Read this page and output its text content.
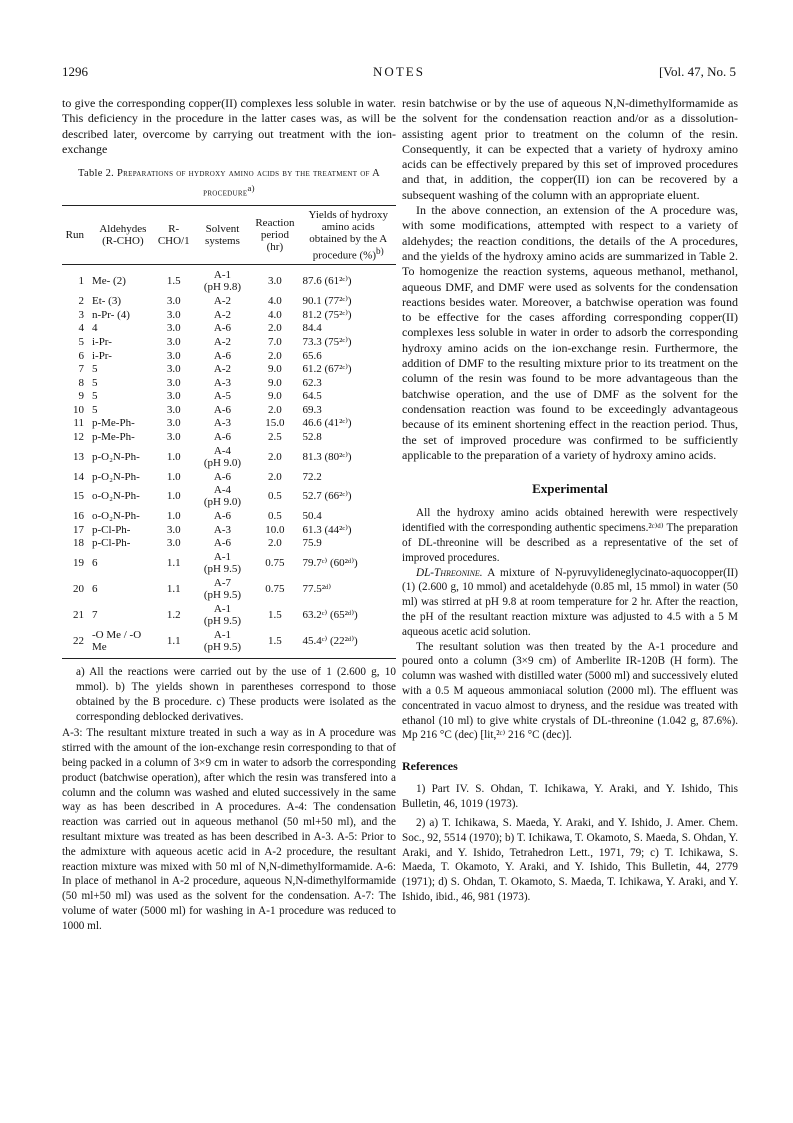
1296	NOTES	[Vol. 47, No. 5

to give the corresponding copper(II) complexes less soluble in water. This deficiency in the procedure in the latter cases was, as will be described later, overcome by carrying out treatment with the ion-exchange

Table 2. Preparations of hydroxy amino acids by the treatment of A procedure$^{a)}$
Run	Aldehydes (R-CHO)	R-CHO/1	Solvent systems	Reaction period (hr)	Yields of hydroxy amino acids obtained by the A procedure (%)$^{b)}$
1	Me- (2)	1.5	A-1
(pH 9.8)	3.0	87.6 (61²ᶜ⁾)
2	Et- (3)	3.0	A-2	4.0	90.1 (77²ᶜ⁾)
3	n-Pr- (4)	3.0	A-2	4.0	81.2 (75²ᶜ⁾)
4	4	3.0	A-6	2.0	84.4
5	i-Pr-	3.0	A-2	7.0	73.3 (75²ᶜ⁾)
6	i-Pr-	3.0	A-6	2.0	65.6
7	5	3.0	A-2	9.0	61.2 (67²ᶜ⁾)
8	5	3.0	A-3	9.0	62.3
9	5	3.0	A-5	9.0	64.5
10	5	3.0	A-6	2.0	69.3
11	p-Me-Ph-	3.0	A-3	15.0	46.6 (41²ᶜ⁾)
12	p-Me-Ph-	3.0	A-6	2.5	52.8
13	p-O₂N-Ph-	1.0	A-4
(pH 9.0)	2.0	81.3 (80²ᶜ⁾)
14	p-O₂N-Ph-	1.0	A-6	2.0	72.2
15	o-O₂N-Ph-	1.0	A-4
(pH 9.0)	0.5	52.7 (66²ᶜ⁾)
16	o-O₂N-Ph-	1.0	A-6	0.5	50.4
17	p-Cl-Ph-	3.0	A-3	10.0	61.3 (44²ᶜ⁾)
18	p-Cl-Ph-	3.0	A-6	2.0	75.9
19	6	1.1	A-1
(pH 9.5)	0.75	79.7ᶜ⁾ (60²ᵈ⁾)
20	6	1.1	A-7
(pH 9.5)	0.75	77.5²ᵈ⁾
21	7	1.2	A-1
(pH 9.5)	1.5	63.2ᶜ⁾ (65²ᵈ⁾)
22	-O Me / -O Me	1.1	A-1
(pH 9.5)	1.5	45.4ᶜ⁾ (22²ᵈ⁾)

a) All the reactions were carried out by the use of 1 (2.600 g, 10 mmol). b) The yields shown in parentheses correspond to those obtained by the B procedure. c) These products were isolated as the corresponding deblocked derivatives.

A-3: The resultant mixture treated in such a way as in A procedure was stirred with the amount of the ion-exchange resin corresponding to that of being packed in a column of 3×9 cm in water to adsorb the corresponding product (batchwise operation), after which the resin was transfered into a column and the column was washed and eluted successively in the same way as has been described in A procedures. A-4: The condensation reaction was carried out in aqueous methanol (50 ml+50 ml), and the resultant mixture was treated as has been described in A-3. A-5: Prior to the admixture with aqueous acetic acid in A-2 procedure, the resultant reaction mixture was mixed with 50 ml of N,N-dimethylformamide. A-6: In place of methanol in A-2 procedure, aqueous N,N-dimethylformamide (50 ml+50 ml) was used as the solvent for the condensation. A-7: The volume of water (5000 ml) for washing in A-1 procedure was reduced to 1000 ml.

resin batchwise or by the use of aqueous N,N-dimethylformamide as the solvent for the condensation reaction and/or as a dissolution-assisting agent prior to treatment on the column of the resin. Consequently, it can be expected that a variety of hydroxy amino acids can be effectively prepared by this set of improved procedures and that, in addition, the copper(II) ion can be recovered by a subsequent washing of the column with an appropriate eluent.

In the above connection, an extension of the A procedure was, with some modifications, attempted with respect to a variety of aldehydes; the reaction conditions, the details of the A procedures, and the yields of the hydroxy amino acids are summarized in Table 2. To homogenize the reaction systems, aqueous methanol, methanol, aqueous DMF, and DMF were used as solvents for the condensation reactions besides water. Moreover, a batchwise operation was found to be effective for the cases affording corresponding copper(II) complexes less soluble in water in order to adsorb the corresponding hydroxy amino acids on the ion-exchange resin. Furthermore, the addition of DMF to the resulting mixture prior to its treatment on the column of the resin was found to be more advantageous than the batchwise operation, and the use of DMF as the solvent for the condensation reaction was found to be exceedingly advantageous because of its eminent shortening effect in the reaction period. Thus, the set of improved procedure was confirmed to be sufficiently applicable to the preparation of a variety of hydroxy amino acids.

Experimental

All the hydroxy amino acids obtained herewith were respectively identified with the corresponding authentic specimens.²ᶜ⁾ᵈ⁾ The preparation of DL-threonine will be described as a representative of the set of improved procedures.

DL-Threonine. A mixture of N-pyruvylideneglycinato-aquocopper(II) (1) (2.600 g, 10 mmol) and acetaldehyde (0.85 ml, 15 mmol) in water (50 ml) was stirred at pH 9.8 at room temperature for 2 hr. After the reaction, the pH of the resultant reaction mixture was adjusted to 4.5 with a 5 M aqueous acetic acid solution.

The resultant solution was then treated by the A-1 procedure and poured onto a column (3×9 cm) of Amberlite IR-120B (H form). The column was washed with distilled water (5000 ml) and successively eluted with a 0.5 M aqueous ammoniacal solution (2000 ml). The effluent was concentrated in vacuo almost to dryness, and the residue was treated with ethanol (10 ml) to give white crystals of DL-threonine (1.042 g, 87.6%). Mp 216 °C (dec) [lit,²ᶜ⁾ 216 °C (dec)].

References

1) Part IV. S. Ohdan, T. Ichikawa, Y. Araki, and Y. Ishido, This Bulletin, 46, 1019 (1973).

2) a) T. Ichikawa, S. Maeda, Y. Araki, and Y. Ishido, J. Amer. Chem. Soc., 92, 5514 (1970); b) T. Ichikawa, T. Okamoto, S. Maeda, S. Ohdan, Y. Araki, and Y. Ishido, Tetrahedron Lett., 1971, 79; c) T. Ichikawa, S. Maeda, T. Okamoto, Y. Araki, and Y. Ishido, This Bulletin, 44, 2779 (1971); d) S. Ohdan, T. Okamoto, S. Maeda, T. Ichikawa, Y. Araki, and Y. Ishido, ibid., 46, 981 (1973).
